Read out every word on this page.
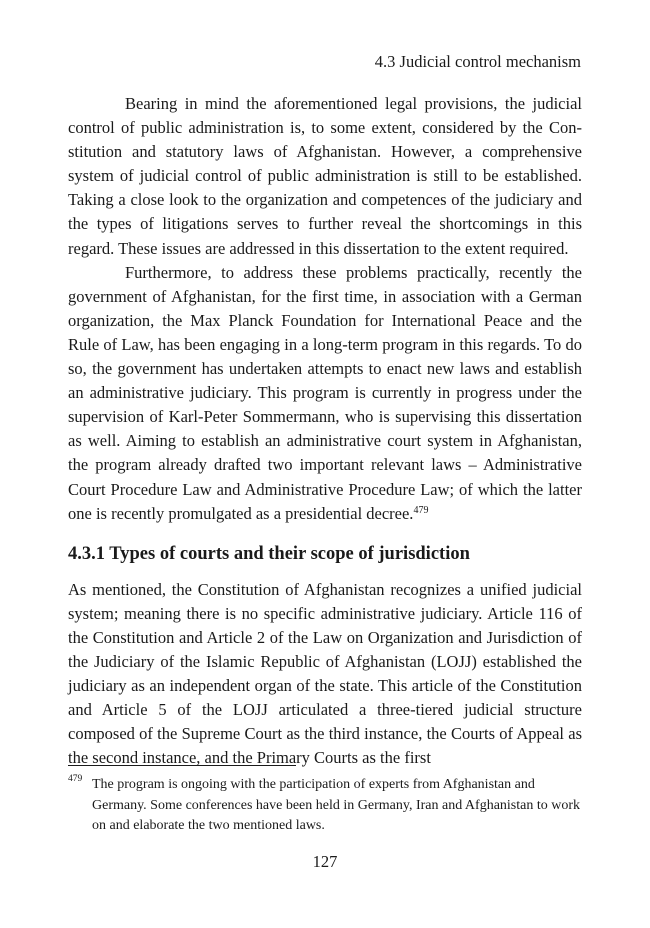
4.3 Judicial control mechanism

Bearing in mind the aforementioned legal provisions, the judicial control of public administration is, to some extent, considered by the Constitution and statutory laws of Afghanistan. However, a comprehensive system of judicial control of public administration is still to be established. Taking a close look to the organization and competences of the judiciary and the types of litigations serves to further reveal the shortcomings in this regard. These issues are addressed in this dissertation to the extent required.

Furthermore, to address these problems practically, recently the government of Afghanistan, for the first time, in association with a German organization, the Max Planck Foundation for International Peace and the Rule of Law, has been engaging in a long-term program in this regards. To do so, the government has undertaken attempts to enact new laws and establish an administrative judiciary. This program is currently in progress under the supervision of Karl-Peter Sommermann, who is supervising this dissertation as well. Aiming to establish an administrative court system in Afghanistan, the program already drafted two important relevant laws – Administrative Court Procedure Law and Administrative Procedure Law; of which the latter one is recently promulgated as a presidential decree.$^{479}$

4.3.1 Types of courts and their scope of jurisdiction

As mentioned, the Constitution of Afghanistan recognizes a unified judicial system; meaning there is no specific administrative judiciary. Article 116 of the Constitution and Article 2 of the Law on Organization and Jurisdiction of the Judiciary of the Islamic Republic of Afghanistan (LOJJ) established the judiciary as an independent organ of the state. This article of the Constitution and Article 5 of the LOJJ articulated a three-tiered judicial structure composed of the Supreme Court as the third instance, the Courts of Appeal as the second instance, and the Primary Courts as the first

479 The program is ongoing with the participation of experts from Afghanistan and Germany. Some conferences have been held in Germany, Iran and Afghanistan to work on and elaborate the two mentioned laws.

127
